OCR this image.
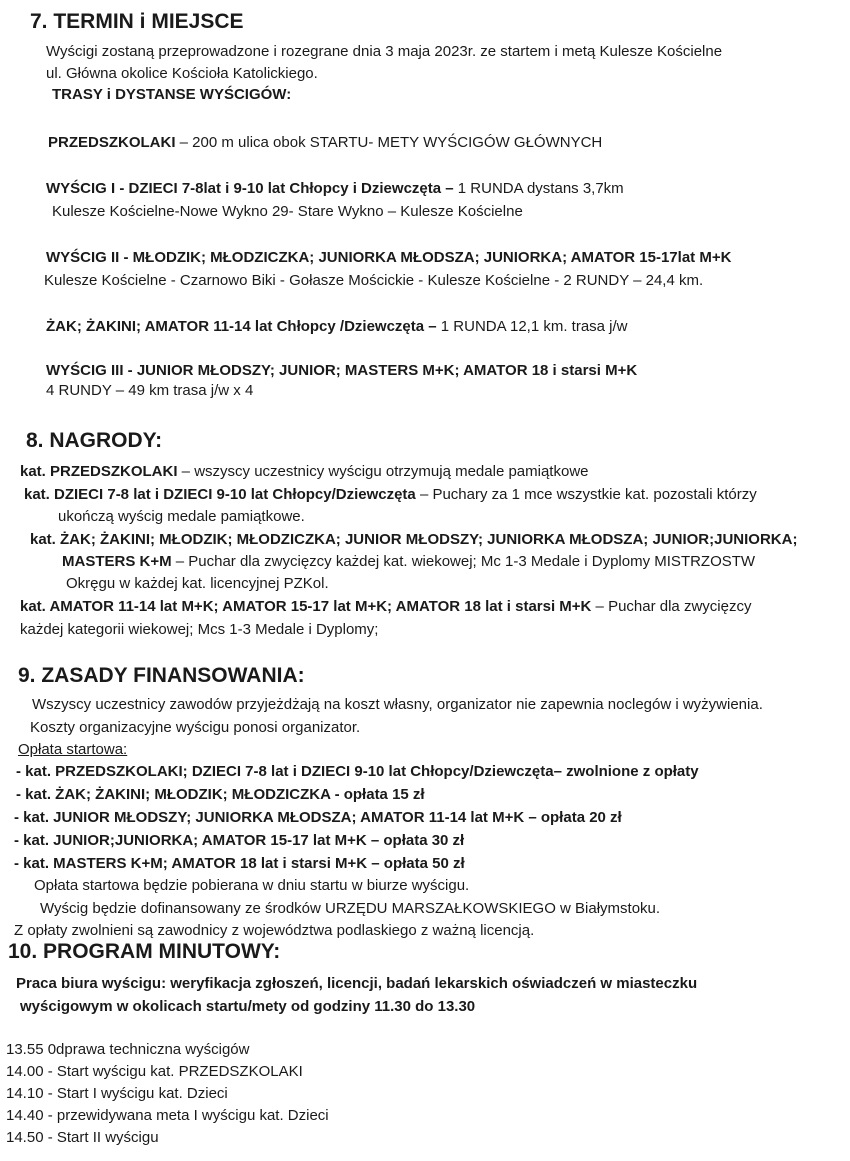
7. TERMIN i MIEJSCE
Wyścigi zostaną przeprowadzone i rozegrane dnia 3 maja 2023r. ze startem i metą Kulesze Kościelne
ul. Główna okolice Kościoła Katolickiego.
TRASY i DYSTANSE WYŚCIGÓW:
PRZEDSZKOLAKI – 200 m ulica obok STARTU- METY WYŚCIGÓW GŁÓWNYCH
WYŚCIG I - DZIECI 7-8lat i 9-10 lat Chłopcy i Dziewczęta – 1 RUNDA dystans 3,7km
Kulesze Kościelne-Nowe Wykno 29- Stare Wykno – Kulesze Kościelne
WYŚCIG II - MŁODZIK; MŁODZICZKA; JUNIORKA MŁODSZA; JUNIORKA; AMATOR 15-17lat M+K
Kulesze Kościelne - Czarnowo Biki - Gołasze Mościckie - Kulesze Kościelne - 2 RUNDY – 24,4 km.
ŻAK; ŻAKINI; AMATOR 11-14 lat Chłopcy /Dziewczęta – 1 RUNDA 12,1 km. trasa j/w
WYŚCIG III - JUNIOR MŁODSZY; JUNIOR; MASTERS M+K; AMATOR 18 i starsi M+K
4 RUNDY – 49 km trasa j/w x 4
8. NAGRODY:
kat. PRZEDSZKOLAKI – wszyscy uczestnicy wyścigu otrzymują medale pamiątkowe
kat. DZIECI 7-8 lat i DZIECI 9-10 lat Chłopcy/Dziewczęta – Puchary za 1 mce wszystkie kat. pozostali którzy
ukończą wyścig medale pamiątkowe.
kat. ŻAK; ŻAKINI; MŁODZIK; MŁODZICZKA; JUNIOR MŁODSZY; JUNIORKA MŁODSZA; JUNIOR;JUNIORKA;
MASTERS K+M – Puchar dla zwycięzcy każdej kat. wiekowej; Mc 1-3 Medale i Dyplomy MISTRZOSTW
Okręgu w każdej kat. licencyjnej PZKol.
kat. AMATOR 11-14 lat M+K; AMATOR 15-17 lat M+K; AMATOR 18 lat i starsi M+K – Puchar dla zwycięzcy
każdej kategorii wiekowej; Mcs 1-3 Medale i Dyplomy;
9. ZASADY FINANSOWANIA:
Wszyscy uczestnicy zawodów przyjeżdżają na koszt własny, organizator nie zapewnia noclegów i wyżywienia.
Koszty organizacyjne wyścigu ponosi organizator.
Opłata startowa:
- kat. PRZEDSZKOLAKI; DZIECI 7-8 lat i DZIECI 9-10 lat Chłopcy/Dziewczęta– zwolnione z opłaty
- kat. ŻAK; ŻAKINI; MŁODZIK; MŁODZICZKA - opłata 15 zł
- kat. JUNIOR MŁODSZY; JUNIORKA MŁODSZA; AMATOR 11-14 lat M+K – opłata 20 zł
- kat. JUNIOR;JUNIORKA; AMATOR 15-17 lat M+K – opłata 30 zł
- kat. MASTERS K+M; AMATOR 18 lat i starsi M+K – opłata 50 zł
Opłata startowa będzie pobierana w dniu startu w biurze wyścigu.
Wyścig będzie dofinansowany ze środków URZĘDU MARSZAŁKOWSKIEGO w Białymstoku.
Z opłaty zwolnieni są zawodnicy z województwa podlaskiego z ważną licencją.
10. PROGRAM MINUTOWY:
Praca biura wyścigu: weryfikacja zgłoszeń, licencji, badań lekarskich oświadczeń w miasteczku
wyścigowym w okolicach startu/mety od godziny 11.30 do 13.30
13.55 0dprawa techniczna wyścigów
14.00 - Start wyścigu kat. PRZEDSZKOLAKI
14.10 - Start I wyścigu kat. Dzieci
14.40 - przewidywana meta I wyścigu kat. Dzieci
14.50 - Start II wyścigu
